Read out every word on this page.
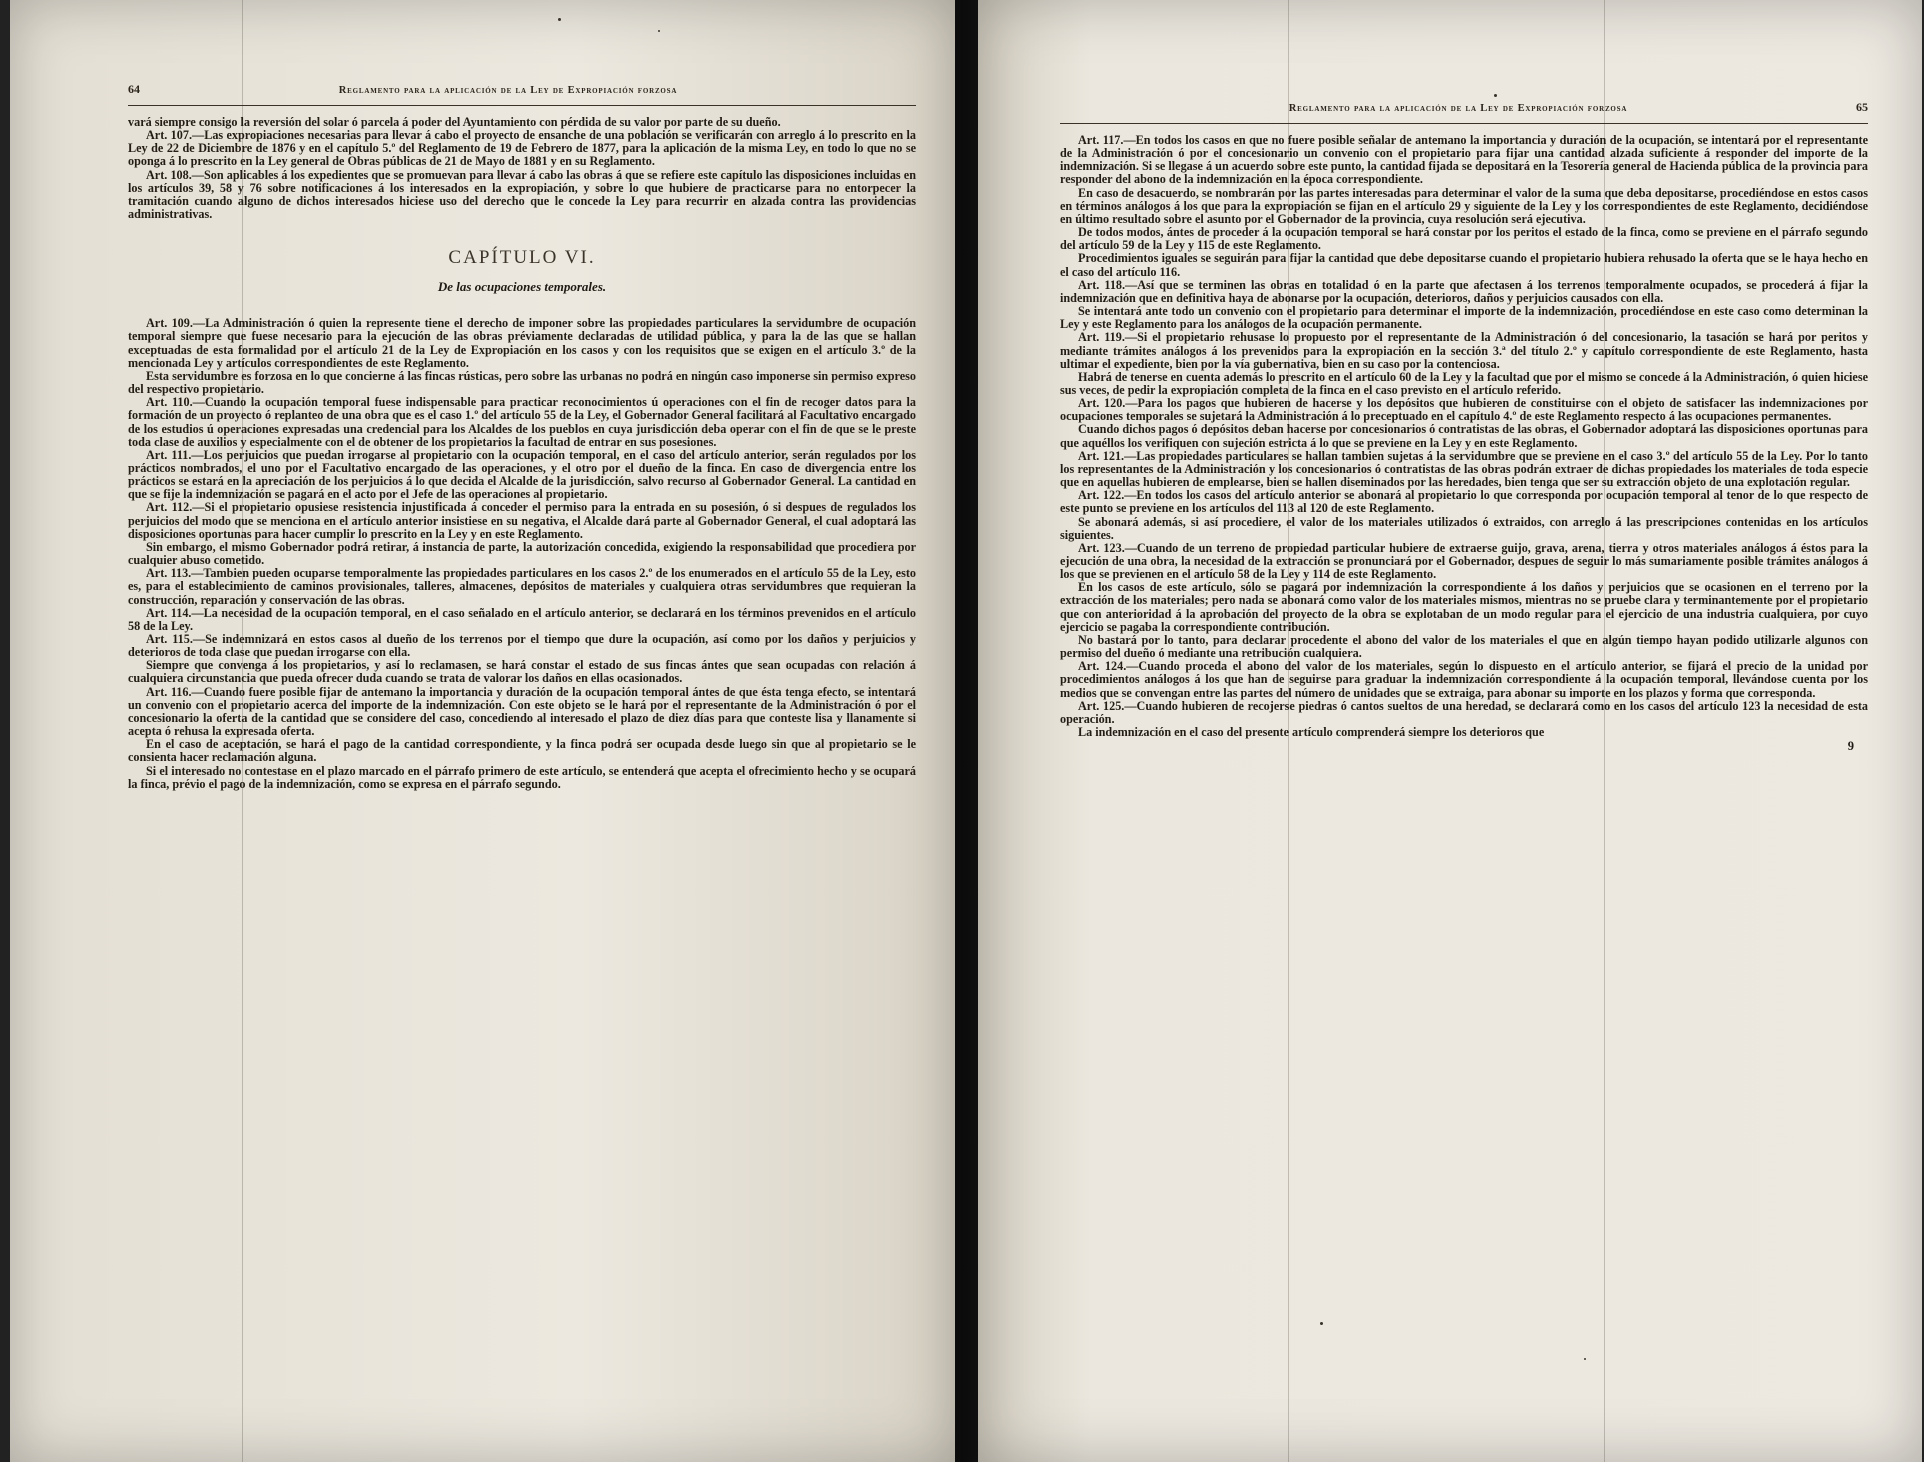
64	Reglamento para la aplicación de la Ley de Expropiación forzosa

vará siempre consigo la reversión del solar ó parcela á poder del Ayuntamiento con pérdida de su valor por parte de su dueño.

Art. 107.—Las expropiaciones necesarias para llevar á cabo el proyecto de ensanche de una población se verificarán con arreglo á lo prescrito en la Ley de 22 de Diciembre de 1876 y en el capítulo 5.º del Reglamento de 19 de Febrero de 1877, para la aplicación de la misma Ley, en todo lo que no se oponga á lo prescrito en la Ley general de Obras públicas de 21 de Mayo de 1881 y en su Reglamento.

Art. 108.—Son aplicables á los expedientes que se promuevan para llevar á cabo las obras á que se refiere este capítulo las disposiciones incluidas en los artículos 39, 58 y 76 sobre notificaciones á los interesados en la expropiación, y sobre lo que hubiere de practicarse para no entorpecer la tramitación cuando alguno de dichos interesados hiciese uso del derecho que le concede la Ley para recurrir en alzada contra las providencias administrativas.

CAPÍTULO VI.
De las ocupaciones temporales.

Art. 109.—La Administración ó quien la represente tiene el derecho de imponer sobre las propiedades particulares la servidumbre de ocupación temporal siempre que fuese necesario para la ejecución de las obras préviamente declaradas de utilidad pública, y para la de las que se hallan exceptuadas de esta formalidad por el artículo 21 de la Ley de Expropiación en los casos y con los requisitos que se exigen en el artículo 3.º de la mencionada Ley y artículos correspondientes de este Reglamento.

Esta servidumbre es forzosa en lo que concierne á las fincas rústicas, pero sobre las urbanas no podrá en ningún caso imponerse sin permiso expreso del respectivo propietario.

Art. 110.—Cuando la ocupación temporal fuese indispensable para practicar reconocimientos ú operaciones con el fin de recoger datos para la formación de un proyecto ó replanteo de una obra que es el caso 1.º del artículo 55 de la Ley, el Gobernador General facilitará al Facultativo encargado de los estudios ú operaciones expresadas una credencial para los Alcaldes de los pueblos en cuya jurisdicción deba operar con el fin de que se le preste toda clase de auxilios y especialmente con el de obtener de los propietarios la facultad de entrar en sus posesiones.

Art. 111.—Los perjuicios que puedan irrogarse al propietario con la ocupación temporal, en el caso del artículo anterior, serán regulados por los prácticos nombrados, el uno por el Facultativo encargado de las operaciones, y el otro por el dueño de la finca. En caso de divergencia entre los prácticos se estará en la apreciación de los perjuicios á lo que decida el Alcalde de la jurisdicción, salvo recurso al Gobernador General. La cantidad en que se fije la indemnización se pagará en el acto por el Jefe de las operaciones al propietario.

Art. 112.—Si el propietario opusiese resistencia injustificada á conceder el permiso para la entrada en su posesión, ó si despues de regulados los perjuicios del modo que se menciona en el artículo anterior insistiese en su negativa, el Alcalde dará parte al Gobernador General, el cual adoptará las disposiciones oportunas para hacer cumplir lo prescrito en la Ley y en este Reglamento.

Sin embargo, el mismo Gobernador podrá retirar, á instancia de parte, la autorización concedida, exigiendo la responsabilidad que procediera por cualquier abuso cometido.

Art. 113.—Tambien pueden ocuparse temporalmente las propiedades particulares en los casos 2.º de los enumerados en el artículo 55 de la Ley, esto es, para el establecimiento de caminos provisionales, talleres, almacenes, depósitos de materiales y cualquiera otras servidumbres que requieran la construcción, reparación y conservación de las obras.

Art. 114.—La necesidad de la ocupación temporal, en el caso señalado en el artículo anterior, se declarará en los términos prevenidos en el artículo 58 de la Ley.

Art. 115.—Se indemnizará en estos casos al dueño de los terrenos por el tiempo que dure la ocupación, así como por los daños y perjuicios y deterioros de toda clase que puedan irrogarse con ella.

Siempre que convenga á los propietarios, y así lo reclamasen, se hará constar el estado de sus fincas ántes que sean ocupadas con relación á cualquiera circunstancia que pueda ofrecer duda cuando se trata de valorar los daños en ellas ocasionados.

Art. 116.—Cuando fuere posible fijar de antemano la importancia y duración de la ocupación temporal ántes de que ésta tenga efecto, se intentará un convenio con el propietario acerca del importe de la indemnización. Con este objeto se le hará por el representante de la Administración ó por el concesionario la oferta de la cantidad que se considere del caso, concediendo al interesado el plazo de diez días para que conteste lisa y llanamente si acepta ó rehusa la expresada oferta.

En el caso de aceptación, se hará el pago de la cantidad correspondiente, y la finca podrá ser ocupada desde luego sin que al propietario se le consienta hacer reclamación alguna.

Si el interesado no contestase en el plazo marcado en el párrafo primero de este artículo, se entenderá que acepta el ofrecimiento hecho y se ocupará la finca, prévio el pago de la indemnización, como se expresa en el párrafo segundo.

Reglamento para la aplicación de la Ley de Expropiación forzosa	65

Art. 117.—En todos los casos en que no fuere posible señalar de antemano la importancia y duración de la ocupación, se intentará por el representante de la Administración ó por el concesionario un convenio con el propietario para fijar una cantidad alzada suficiente á responder del importe de la indemnización. Si se llegase á un acuerdo sobre este punto, la cantidad fijada se depositará en la Tesorería general de Hacienda pública de la provincia para responder del abono de la indemnización en la época correspondiente.

En caso de desacuerdo, se nombrarán por las partes interesadas para determinar el valor de la suma que deba depositarse, procediéndose en estos casos en términos análogos á los que para la expropiación se fijan en el artículo 29 y siguiente de la Ley y los correspondientes de este Reglamento, decidiéndose en último resultado sobre el asunto por el Gobernador de la provincia, cuya resolución será ejecutiva.

De todos modos, ántes de proceder á la ocupación temporal se hará constar por los peritos el estado de la finca, como se previene en el párrafo segundo del artículo 59 de la Ley y 115 de este Reglamento.

Procedimientos iguales se seguirán para fijar la cantidad que debe depositarse cuando el propietario hubiera rehusado la oferta que se le haya hecho en el caso del artículo 116.

Art. 118.—Así que se terminen las obras en totalidad ó en la parte que afectasen á los terrenos temporalmente ocupados, se procederá á fijar la indemnización que en definitiva haya de abonarse por la ocupación, deterioros, daños y perjuicios causados con ella.

Se intentará ante todo un convenio con el propietario para determinar el importe de la indemnización, procediéndose en este caso como determinan la Ley y este Reglamento para los análogos de la ocupación permanente.

Art. 119.—Si el propietario rehusase lo propuesto por el representante de la Administración ó del concesionario, la tasación se hará por peritos y mediante trámites análogos á los prevenidos para la expropiación en la sección 3.ª del título 2.º y capítulo correspondiente de este Reglamento, hasta ultimar el expediente, bien por la vía gubernativa, bien en su caso por la contenciosa.

Habrá de tenerse en cuenta además lo prescrito en el artículo 60 de la Ley y la facultad que por el mismo se concede á la Administración, ó quien hiciese sus veces, de pedir la expropiación completa de la finca en el caso previsto en el artículo referido.

Art. 120.—Para los pagos que hubieren de hacerse y los depósitos que hubieren de constituirse con el objeto de satisfacer las indemnizaciones por ocupaciones temporales se sujetará la Administración á lo preceptuado en el capítulo 4.º de este Reglamento respecto á las ocupaciones permanentes.

Cuando dichos pagos ó depósitos deban hacerse por concesionarios ó contratistas de las obras, el Gobernador adoptará las disposiciones oportunas para que aquéllos los verifiquen con sujeción estricta á lo que se previene en la Ley y en este Reglamento.

Art. 121.—Las propiedades particulares se hallan tambien sujetas á la servidumbre que se previene en el caso 3.º del artículo 55 de la Ley. Por lo tanto los representantes de la Administración y los concesionarios ó contratistas de las obras podrán extraer de dichas propiedades los materiales de toda especie que en aquellas hubieren de emplearse, bien se hallen diseminados por las heredades, bien tenga que ser su extracción objeto de una explotación regular.

Art. 122.—En todos los casos del artículo anterior se abonará al propietario lo que corresponda por ocupación temporal al tenor de lo que respecto de este punto se previene en los artículos del 113 al 120 de este Reglamento.

Se abonará además, si así procediere, el valor de los materiales utilizados ó extraidos, con arreglo á las prescripciones contenidas en los artículos siguientes.

Art. 123.—Cuando de un terreno de propiedad particular hubiere de extraerse guijo, grava, arena, tierra y otros materiales análogos á éstos para la ejecución de una obra, la necesidad de la extracción se pronunciará por el Gobernador, despues de seguir lo más sumariamente posible trámites análogos á los que se previenen en el artículo 58 de la Ley y 114 de este Reglamento.

En los casos de este artículo, sólo se pagará por indemnización la correspondiente á los daños y perjuicios que se ocasionen en el terreno por la extracción de los materiales; pero nada se abonará como valor de los materiales mismos, mientras no se pruebe clara y terminantemente por el propietario que con anterioridad á la aprobación del proyecto de la obra se explotaban de un modo regular para el ejercicio de una industria cualquiera, por cuyo ejercicio se pagaba la correspondiente contribución.

No bastará por lo tanto, para declarar procedente el abono del valor de los materiales el que en algún tiempo hayan podido utilizarle algunos con permiso del dueño ó mediante una retribución cualquiera.

Art. 124.—Cuando proceda el abono del valor de los materiales, según lo dispuesto en el artículo anterior, se fijará el precio de la unidad por procedimientos análogos á los que han de seguirse para graduar la indemnización correspondiente á la ocupación temporal, llevándose cuenta por los medios que se convengan entre las partes del número de unidades que se extraiga, para abonar su importe en los plazos y forma que corresponda.

Art. 125.—Cuando hubieren de recojerse piedras ó cantos sueltos de una heredad, se declarará como en los casos del artículo 123 la necesidad de esta operación.

La indemnización en el caso del presente artículo comprenderá siempre los deterioros que

9
